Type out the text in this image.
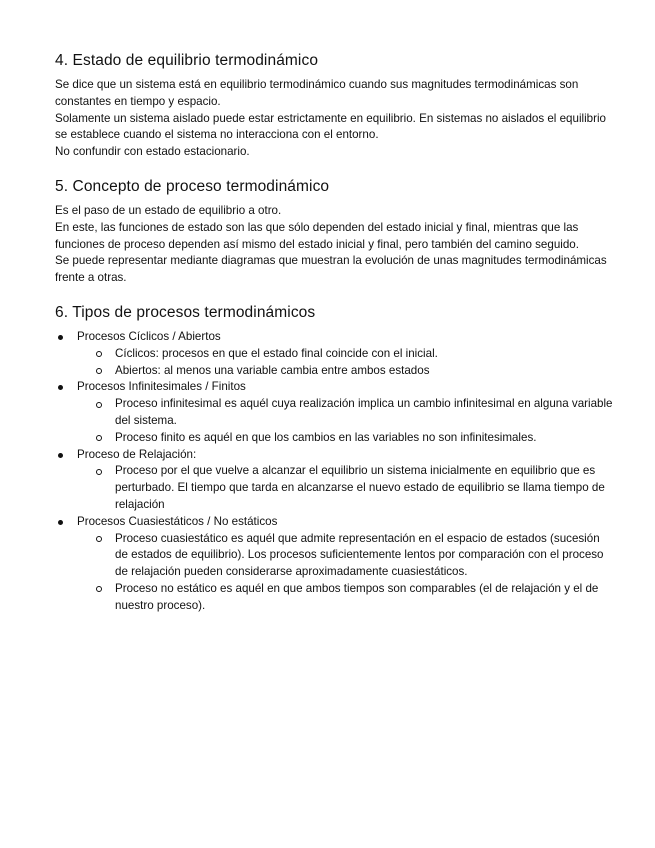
4. Estado de equilibrio termodinámico

Se dice que un sistema está en equilibrio termodinámico cuando sus magnitudes termodinámicas son constantes en tiempo y espacio.

Solamente un sistema aislado puede estar estrictamente en equilibrio. En sistemas no aislados el equilibrio se establece cuando el sistema no interacciona con el entorno.

No confundir con estado estacionario.

5. Concepto de proceso termodinámico

Es el paso de un estado de equilibrio a otro.

En este, las funciones de estado son las que sólo dependen del estado inicial y final, mientras que las funciones de proceso dependen así mismo del estado inicial y final, pero también del camino seguido.

Se puede representar mediante diagramas que muestran la evolución de unas magnitudes termodinámicas frente a otras.

6. Tipos de procesos termodinámicos
Procesos Cíclicos / Abiertos
Cíclicos: procesos en que el estado final coincide con el inicial.
Abiertos: al menos una variable cambia entre ambos estados
Procesos Infinitesimales / Finitos
Proceso infinitesimal es aquél cuya realización implica un cambio infinitesimal en alguna variable del sistema.
Proceso finito es aquél en que los cambios en las variables no son infinitesimales.
Proceso de Relajación:
Proceso por el que vuelve a alcanzar el equilibrio un sistema inicialmente en equilibrio que es perturbado. El tiempo que tarda en alcanzarse el nuevo estado de equilibrio se llama tiempo de relajación
Procesos Cuasiestáticos / No estáticos
Proceso cuasiestático es aquél que admite representación en el espacio de estados (sucesión de estados de equilibrio). Los procesos suficientemente lentos por comparación con el proceso de relajación pueden considerarse aproximadamente cuasiestáticos.
Proceso no estático es aquél en que ambos tiempos son comparables (el de relajación y el de nuestro proceso).
